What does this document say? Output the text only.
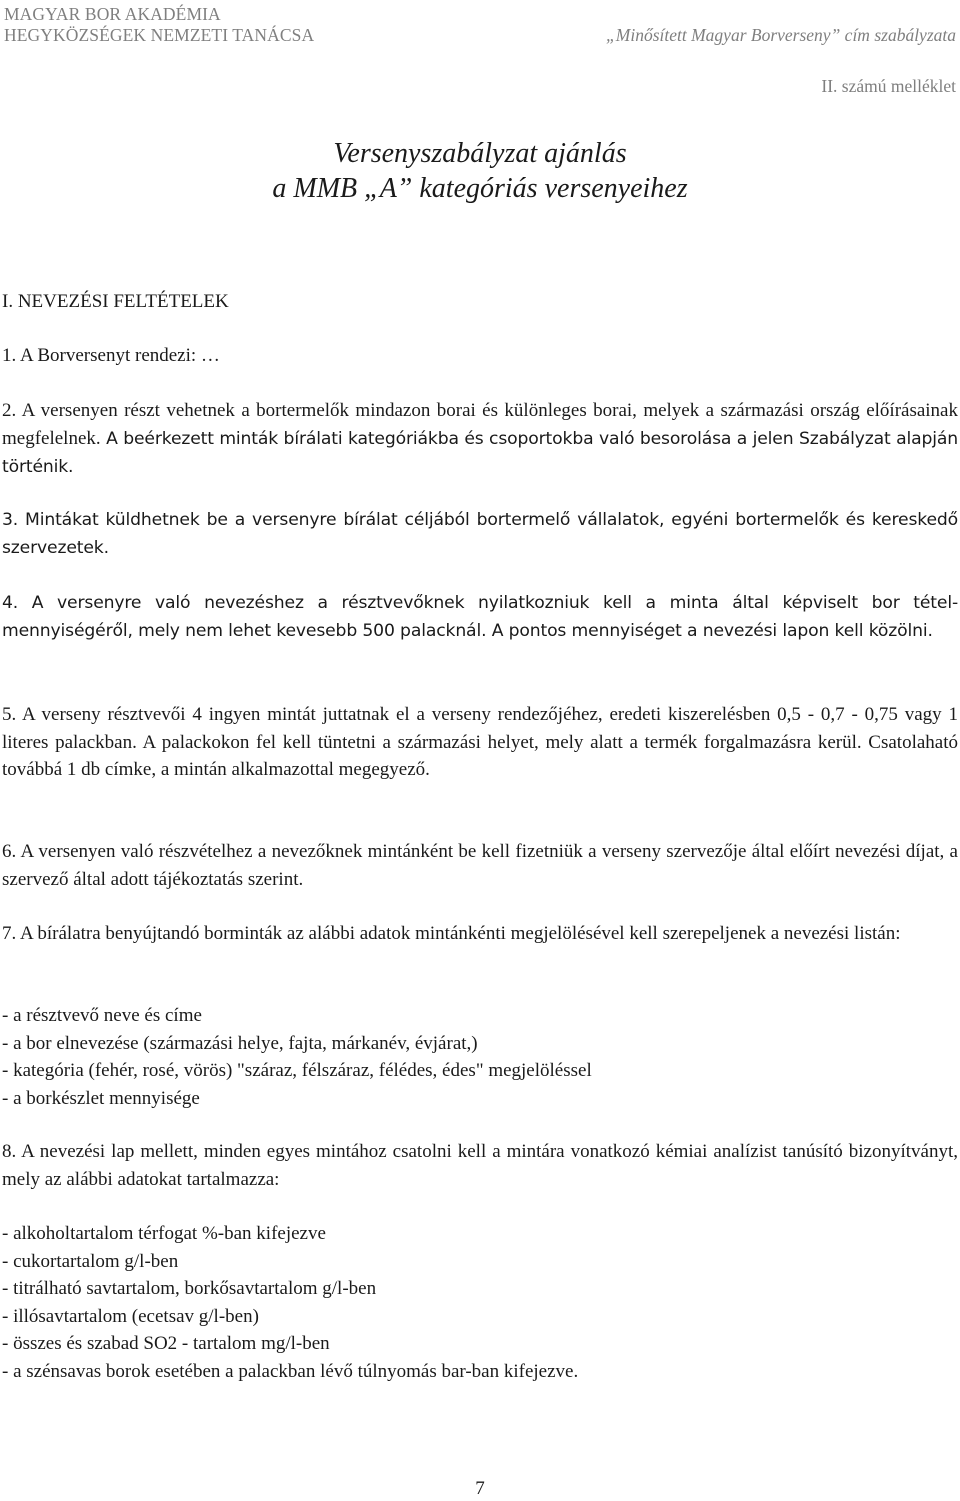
MAGYAR BOR AKADÉMIA
HEGYKÖZSÉGEK NEMZETI TANÁCSA	„Minősített Magyar Borverseny” cím szabályzata
II. számú melléklet
Versenyszabályzat ajánlás
a MMB „A” kategóriás versenyeihez
I. NEVEZÉSI FELTÉTELEK

1. A Borversenyt rendezi: …

2. A versenyen részt vehetnek a bortermelők mindazon borai és különleges borai, melyek a származási ország előírásainak megfelelnek. A beérkezett minták bírálati kategóriákba és csoportokba való besorolása a jelen Szabályzat alapján történik.

3. Mintákat küldhetnek be a versenyre bírálat céljából bortermelő vállalatok, egyéni bortermelők és kereskedő szervezetek.

4. A versenyre való nevezéshez a résztvevőknek nyilatkozniuk kell a minta által képviselt bor tétel- mennyiségéről, mely nem lehet kevesebb 500 palacknál. A pontos mennyiséget a nevezési lapon kell közölni.

5. A verseny résztvevői 4 ingyen mintát juttatnak el a verseny rendezőjéhez, eredeti kiszerelésben 0,5 - 0,7 - 0,75 vagy 1 literes palackban. A palackokon fel kell tüntetni a származási helyet, mely alatt a termék forgalmazásra kerül. Csatolaható továbbá 1 db címke, a mintán alkalmazottal megegyező.

6. A versenyen való részvételhez a nevezőknek mintánként be kell fizetniük a verseny szervezője által előírt nevezési díjat, a szervező által adott tájékoztatás szerint.

7. A bírálatra benyújtandó borminták az alábbi adatok mintánkénti megjelölésével kell szerepeljenek a nevezési listán:

- a résztvevő neve és címe
- a bor elnevezése (származási helye, fajta, márkanév, évjárat,)
- kategória (fehér, rosé, vörös) "száraz, félszáraz, félédes, édes" megjelöléssel
- a borkészlet mennyisége

8. A nevezési lap mellett, minden egyes mintához csatolni kell a mintára vonatkozó kémiai analízist tanúsító bizonyítványt, mely az alábbi adatokat tartalmazza:

- alkoholtartalom térfogat %-ban kifejezve
- cukortartalom g/l-ben
- titrálható savtartalom, borkősavtartalom g/l-ben
- illósavtartalom (ecetsav g/l-ben)
- összes és szabad SO2 - tartalom mg/l-ben
- a szénsavas borok esetében a palackban lévő túlnyomás bar-ban kifejezve.
7
